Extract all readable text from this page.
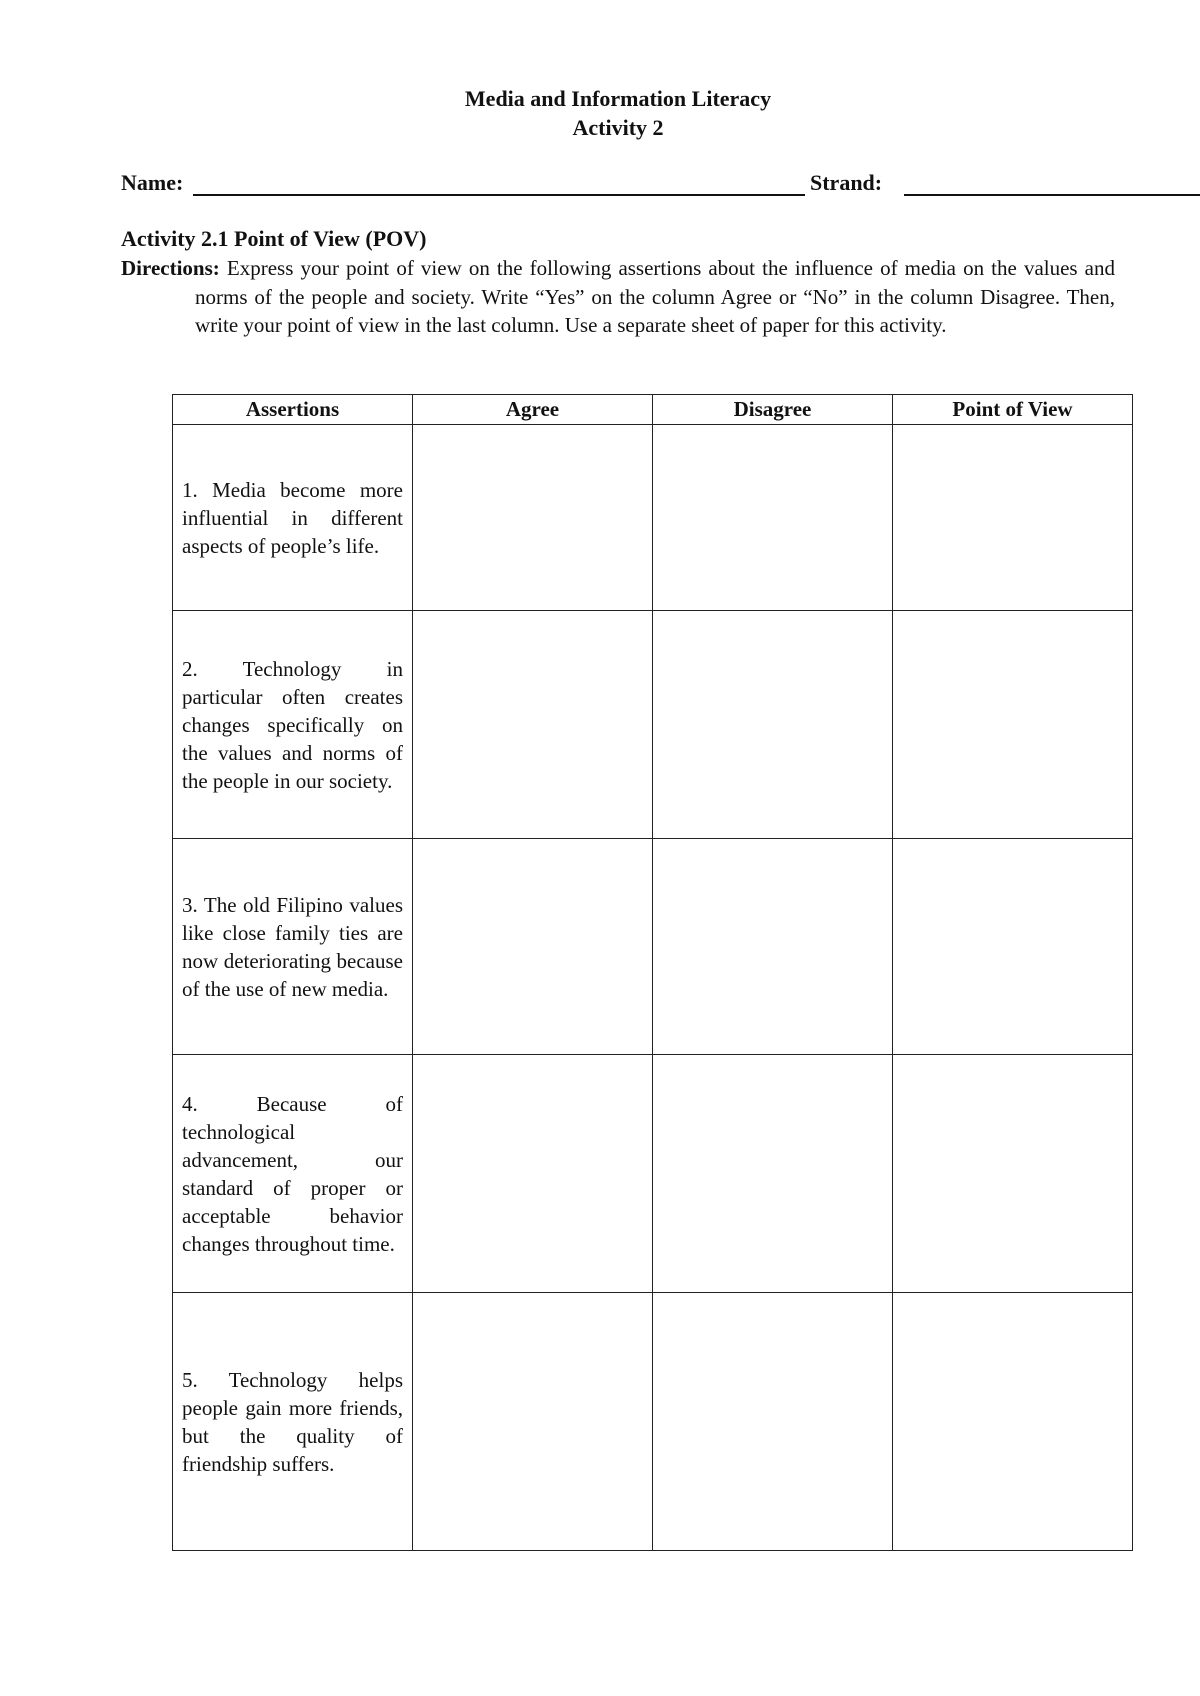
Media and Information Literacy
Activity 2
Name:	Strand:
Activity 2.1 Point of View (POV)
Directions: Express your point of view on the following assertions about the influence of media on the values and norms of the people and society. Write “Yes” on the column Agree or “No” in the column Disagree. Then, write your point of view in the last column. Use a separate sheet of paper for this activity.
Assertions	Agree	Disagree	Point of View
1. Media become more influential in different aspects of people’s life.			
2. Technology in particular often creates changes specifically on the values and norms of the people in our society.			
3. The old Filipino values like close family ties are now deteriorating because of the use of new media.			
4. Because of technological advancement, our standard of proper or acceptable behavior changes throughout time.			
5. Technology helps people gain more friends, but the quality of friendship suffers.			
